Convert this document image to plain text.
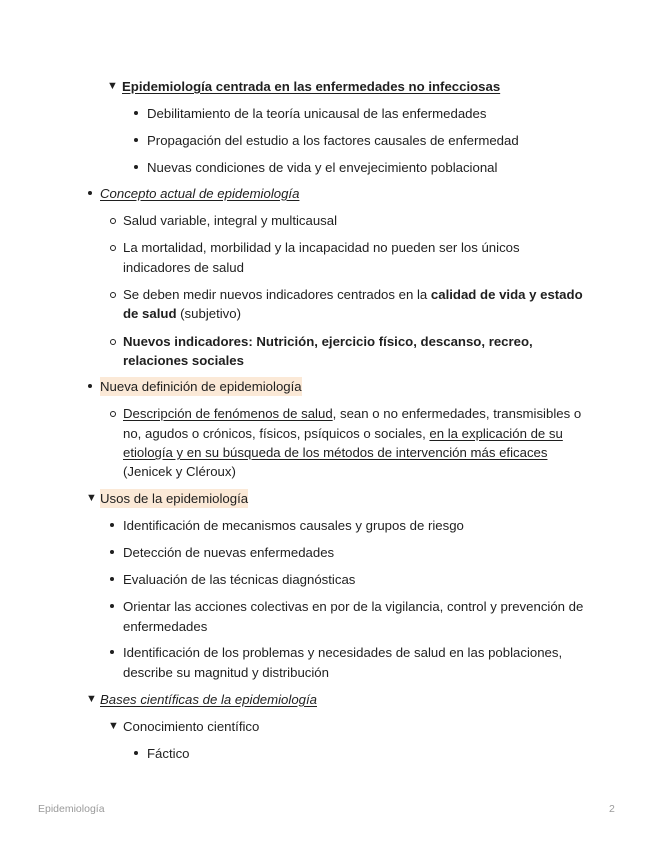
▼ Epidemiología centrada en las enfermedades no infecciosas
Debilitamiento de la teoría unicausal de las enfermedades
Propagación del estudio a los factores causales de enfermedad
Nuevas condiciones de vida y el envejecimiento poblacional
Concepto actual de epidemiología
Salud variable, integral y multicausal
La mortalidad, morbilidad y la incapacidad no pueden ser los únicos
indicadores de salud
Se deben medir nuevos indicadores centrados en la calidad de vida y estado
de salud (subjetivo)
Nuevos indicadores: Nutrición, ejercicio físico, descanso, recreo,
relaciones sociales
Nueva definición de epidemiología
Descripción de fenómenos de salud, sean o no enfermedades, transmisibles o
no, agudos o crónicos, físicos, psíquicos o sociales, en la explicación de su
etiología y en su búsqueda de los métodos de intervención más eficaces
(Jenicek y Cléroux)
▼ Usos de la epidemiología
Identificación de mecanismos causales y grupos de riesgo
Detección de nuevas enfermedades
Evaluación de las técnicas diagnósticas
Orientar las acciones colectivas en por de la vigilancia, control y prevención de
enfermedades
Identificación de los problemas y necesidades de salud en las poblaciones,
describe su magnitud y distribución
▼ Bases científicas de la epidemiología
▼ Conocimiento científico
Fáctico
Epidemiología	2
